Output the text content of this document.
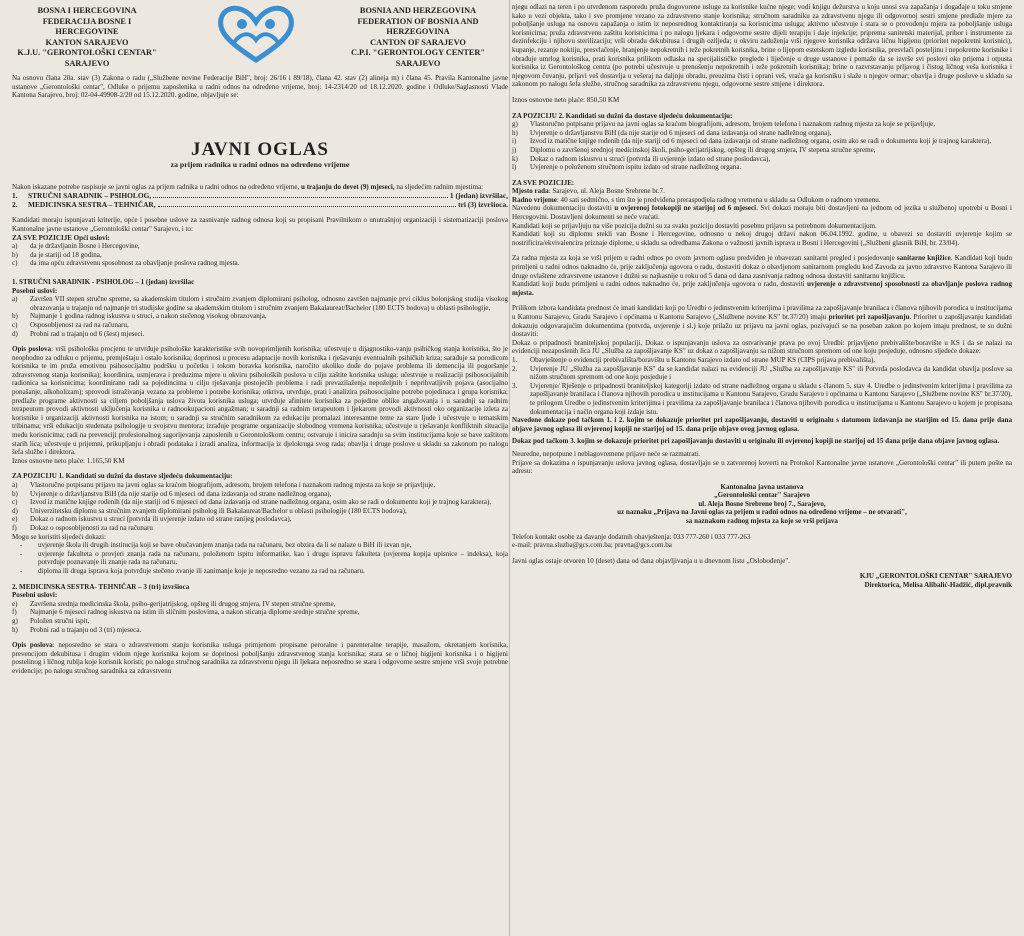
BOSNA I HERCEGOVINA
FEDERACIJA BOSNE I HERCEGOVINE
KANTON SARAJEVO
K.J.U. "GERONTOLOŠKI CENTAR"
SARAJEVO
BOSNIA AND HERZEGOVINA
FEDERATION OF BOSNIA AND HERZEGOVINA
CANTON OF SARAJEVO
C.P.I. "GERONTOLOGY CENTER"
SARAJEVO

Na osnovu člana 20a. stav (3) Zakona o radu („Službene novine Federacije BiH", broj: 26/16 i 89/18), člana 42. stav (2) alineja m) i člana 45. Pravila Kantonalne javne ustanove „Gerontološki centar", Odluke o prijemu zaposlenika u radni odnos na određeno vrijeme, broj: 14-2314/20 od 18.12.2020. godine i Odluke/Saglasnosti Vlade Kantona Sarajevo, broj: 02-04-49908-2/20 od 15.12.2020. godine, objavljuje se:

JAVNI OGLAS
za prijem radnika u radni odnos na određeno vrijeme

Nakon iskazane potrebe raspisuje se javni oglas za prijem radnika u radni odnos na određeno vrijeme, u trajanju do devet (9) mjeseci, na sljedećim radnim mjestima:

1.	STRUČNI SARADNIK – PSIHOLOG,	1 (jedan) izvršilac,
2.	MEDICINSKA SESTRA – TEHNIČAR,	tri (3) izvršioca.

Kandidati moraju ispunjavati kriterije, opće i posebne uslove za zasnivanje radnog odnosa koji su propisani Pravilnikom o unutrašnjoj organizaciji i sistematizaciji poslova Kantonalne javne ustanove „Gerontološki centar" Sarajevo, i to:

ZA SVE POZICIJE Opći uslovi:

a)	da je državljanin Bosne i Hercegovine,
b)	da je stariji od 18 godina,
c)	da ima opću zdravstvenu sposobnost za obavljanje poslova radnog mjesta.

1. STRUČNI SARADNIK - PSIHOLOG – 1 (jedan) izvršilac

Posebni uslovi:

a)	Završen VII stepen stručne spreme, sa akademskim titulom i stručnim zvanjem diplomirani psiholog, odnosno završen najmanje prvi ciklus bolonjskog studija visokog obrazovanja u trajanju od najmanje tri studijske godine sa akademskim titulom i stručnim zvanjem Bakalaureat/Bachelor (180 ECTS bodova) u oblasti psihologije,
b)	Najmanje 1 godina radnog iskustva u struci, a nakon stečenog visokog obrazovanja,
c)	Osposobljenost za rad na računaru,
d)	Probni rad u trajanju od 6 (šest) mjeseci.

Opis poslova: vrši psihološku procjenu te utvrđuje psihološke karakteristike svih novoprimljenih korisnika; učestvuje u dijagnostiko-vanju psihičkog stanja korisnika, što je neophodno za odluku o prijemu, premještaju i ostalo korisnika; doprinosi u procesu adaptacije novih korisnika i rješavanju eventualnih psihičkih kriza; sarađuje sa porodicom korisnika te im pruža emotivnu psihosocijalnu podršku u početku i tokom boravka korisnika, naročito ukoliko dođe do pojave problema ili demencija ili pogoršanje zdravstvenog stanja korisnika); koordinira, usmjerava i preduzima mjere u okviru psiholoških poslova u cilju zaštite korisnika usluga; učestvuje u realizaciji psihosocijalnih radionica sa korisnicima; koordinirano radi sa pojedincima u cilju rješavanja postojećih problema i radi prevazilaženja nepoželjnih i neprihvatljivih pojava (asocijalno ponašanje, alkoholizam); sprovodi istraživanja vezana za probleme i potrebe korisnika; otkriva, utvrđuje, prati i analizira psihosocijalne potrebe pojedinaca i grupa korisnika; predlaže programe aktivnosti sa ciljem poboljšanja uslova života korisnika usluga; utvrđuje afinitete korisnika za pojedine oblike angažovanja i u saradnji sa radnim terapeutom provodi aktivnosti uključenja korisnika u radnookupacioni angažman; u saradnji sa radnim terapeutom i ljekarom provodi aktivnosti oko organizacije izleta za korisnike i organizaciji aktivnosti korisnika na istom; u saradnji sa stručnim saradnikom za edukaciju promalazi interesantne teme za stare ljude i učestvuje u tematskim tribinama; vrši edukaciju studenata psihologije u svojstvu mentora; izrađuje programe organizacije slobodnog vremena korisnika; učestvuje u rješavanju konfliktnih situacija među korisnicima; radi na prevenciji profesionalnog sagorijevanja zaposlenih u Gerontološkom centru; ostvaruje i inicira saradnju sa svim institucijama koje se bave zaštitom starih lica; učestvuje u prijemni, prikupljanju i obradi podataka i izradi analiza, informacija iz djelokruga svog rada; obavlja i druge poslove u skladu sa zakonom po nalogu šefa službe i direktora.

Iznos osnovne neto plaće: 1.165,50 KM

ZA POZICIJU 1. Kandidati su dužni da dostave sljedeću dokumentaciju:

a)	Vlastoručno potpisanu prijavu na javni oglas sa kraćom biografijom, adresom, brojem telefona i naznakom radnog mjesta za koje se prijavljuje,
b)	Uvjerenje o državljanstvu BiH (da nije starije od 6 mjeseci od dana izdavanja od strane nadležnog organa),
c)	Izvod iz matične knjige rođenih (da nije stariji od 6 mjeseci od dana izdavanja od strane nadležnog organa, osim ako se radi o dokumentu koji je trajnog karaktera),
d)	Univerzitetsku diplomu sa stručnim zvanjem diplomirani psiholog ili Bakalaureat/Bachelor u oblasti psihologije (180 ECTS bodova),
e)	Dokaz o radnom iskustvu u struci (potvrda ili uvjerenje izdato od strane ranijeg poslodavca),
f)	Dokaz o osposobljenosti za rad na računaru

Mogu se koristiti sljedeći dokazi:

-	uvjerenje škola ili drugih institucija koji se bave obučavanjem znanja rada na računaru, bez obzira da li se nalaze u BiH ili izvan nje,
-	uvjerenje fakulteta o provjeri znanja rada na računaru, položenom ispitu informatike, kao i drugu ispravu fakulteta (ovjerena kopija upisnice – indeksa), koja potvrđuje poznavanje ili znanje rada na računaru,
-	diploma ili druga isprava koja potvrđuje stečeno zvanje ili zanimanje koje je neposredno vezano za rad na računaru.

2. MEDICINSKA SESTRA- TEHNIČAR – 3 (tri) izvršioca

Posebni uslovi:

e)	Završena srednja medicinska škola, psiho-gerijatrijskog, opšteg ili drugog smjera, IV stepen stručne spreme,
f)	Najmanje 6 mjeseci radnog iskustva na istim ili sličnim poslovima, a nakon sticanja diplome srednje stručne spreme,
g)	Položen stručni ispit,
h)	Probni rad u trajanju od 3 (tri) mjeseca.

Opis poslova: neposredno se stara o zdravstvenom stanju korisnika usluga primjenom propisane peroralne i parenteralne terapije, masažom, okretanjem korisnika, prevencijom dekubitusa i drugim vidom njege korisnika kojom se doprinosi poboljšanju zdravstvenog stanja korisnika; stara se o ličnoj higijeni korisnika i o higijeni postelinog i ličnog rublja koje korisnik koristi; po nalogu stručnog saradnika za zdravstvenu njegu ili ljekara neposredno se stara i odgovorne sestre smjene vrši svoje potrebne evidencije; po nalogu stručnog saradnika za zdravstvenu

njegu odlazi na teren i po utvrđenom rasporedu pruža dogovorene usluge za korisnike kućne njege; vodi knjigu dežurstva u koju unosi sva zapažanja i događaje u toku smjene kako u vezi objekta, tako i sve promjene vezano za zdravstveno stanje korisnika; stručnom saradniku za zdravstvenu njegu ili odgovornoj sestri smjene predlaže mjere za poboljšanje usluga na osnovu zapažanja o istim iz neposrednog kontaktiranja sa korisnicima usluga; aktivno učestvuje i stara se o provođenju mjera za poboljšanje usluga korisnicima; pruža zdravstvenu zaštitu korisnicima i po nalogu ljekara i odgovorne sestre dijeli terapiju i daje injekcije; priprema sanitetski materijal, pribor i instrumente za dezinfekciju i njihovu sterilizaciju; vrši obradu dekubitusa i drugih oziljeda; u okviru zaduženja vrši njegove korisnika održava ličnu higijenu (prioritet nepokretni korisnici), kupanje, rezanje noktiju, presvlačenje, hranjenje nepokretnih i teže pokretnih korisnika, brine o lijepom estetskom izgledu korisnika, presvlači posteljinu i nepokretne korisnike i obrađuje umrlog korisnika, prati korisnika prilikom odlaska na specijalističke preglede i liječenje u druge ustanove i pomaže da se izvrše svi poslovi oko prijema i otpusta korisnika iz Gerontološkog centra (po potrebi učestvuje u prenošenju nepokretnih i teže pokretnih korisnika); brine o razvrstavanju prljavog i čistog ličnog veša korisnika i njegovom čuvanju, prljavi veš dostavlja u vešeraj na daljnju obradu, preuzima čisti i oprani veš, vraća ga korisniku i slaže u njegov ormar; obavlja i druge poslove u skladu sa zakonom po nalogu šefa službe, stručnog saradnika za zdravstvenu njegu, odgovorne sestre smjene i direktora.

Iznos osnovne neto plaće: 850,50 KM

ZA POZICIJU 2. Kandidati su dužni da dostave sljedeću dokumentaciju:

g)	Vlastoručno potpisanu prijavu na javni oglas sa kraćom biografijom, adresom, brojem telefona i naznakom radnog mjesta za koje se prijavljuje,
h)	Uvjerenje o državljanstvu BiH (da nije starije od 6 mjeseci od dana izdavanja od strane nadležnog organa),
i)	Izvod iz matične knjige rođenih (da nije stariji od 6 mjeseci od dana izdavanja od strane nadležnog organa, osim ako se radi o dokumentu koji je trajnog karaktera),
j)	Diplomu o završenoj srednjoj medicinskoj školi, psiho-gerijatrijskog, opšteg ili drugog smjera, IV stepena stručne spreme,
k)	Dokaz o radnom iskustvu u struci (potvrda ili uvjerenje izdato od strane poslodavca),
l)	Uvjerenje o položenom stručnom ispitu izdato od strane nadležnog organa.

ZA SVE POZICIJE:

Mjesto rada: Sarajevo, ul. Aleja Bosne Srebrene br.7.

Radno vrijeme: 40 sati sedmično, s tim što je predviđena preraspodjela radnog vremena u skladu sa Odlukom o radnom vremenu.

Navedenu dokumentaciju dostaviti u ovjerenoj fotokopiji ne starijoj od 6 mjeseci. Svi dokazi moraju biti dostavljeni na jednom od jezika u službenoj upotrebi u Bosni i Hercegovini. Dostavljeni dokumenti se neće vraćati.

Kandidati koji se prijavljuju na više pozicija dužni su za svaku poziciju dostaviti posebnu prijavu sa potrebnom dokumentacijom.

Kandidati koji su diplomu stekli van Bosne i Hercegovine, odnosno u nekoj drugoj državi nakon 06.04.1992. godine, u obavezi su dostaviti uvjerenje kojim se nostrificira/ekvivalencira priznaje diplome, u skladu sa odredbama Zakona o važnosti javnih isprava u Bosni i Hercegovini („Službeni glasnik BiH, br. 23/04).

Za radna mjesta za koja se vrši prijem u radni odnos po ovom javnom oglasu predviđen je obavezan sanitarni pregled i posjedovanje sanitarne knjižice. Kandidati koji budu primljeni u radni odnos naknadno će, prije zaključenja ugovora o radu, dostaviti dokaz o obavljenom sanitarnom pregledu kod Zavoda za javno zdravstvo Kantona Sarajevo ili druge ovlaštene zdravstvene ustanove i dužni su najkasnije u roku od 5 dana od dana zasnivanja radnog odnosa dostaviti sanitarnu knjižicu.

Kandidati koji budu primljeni u radni odnos naknadno će, prije zaključenja ugovora o radu, dostaviti uvjerenje o zdravstvenoj sposobnosti za obavljanje poslova radnog mjesta.

Prilikom izbora kandidata prednost će imati kandidati koji po Uredbi o jedinstvenim kriterijima i pravilima za zapošljavanje branilaca i članova njihovih porodica u institucijama u Kantonu Sarajevo, Gradu Sarajevo i općinama u Kantonu Sarajevo („Službene novine KS" br.37/20) imaju prioritet pri zapošljavanju. Prioritet u zapošljavanju kandidati dokazuju odgovarajućim dokumentima (potvrda, uvjerenje i sl.) koje prilažu uz prijavu na javni oglas, pozivajući se na poseban zakon po kojem imaju prednost, te su dužni dostaviti:

Dokaz o pripadnosti braniteljskoj populaciji, Dokaz o ispunjavanju uslova za ostvarivanje prava po ovoj Uredbi: prijavljeno prebivalište/boravište u KS i da se nalazi na evidenciji nezaposlenih lica JU „Služba za zapošljavanje KS" uz dokaz o zapošljavanju sa nižom stručnom spremom od one koju posjeduje, odnosno sljedeće dokaze:

1.	Obavještenje o evidenciji prebivališta/boravištu u Kantonu Sarajevo izdato od strane MUP KS (CIPS prijava prebivališta),
2.	Uvjerenje JU „Služba za zapošljavanje KS" da se kandidat nalazi na evidenciji JU „Služba za zapošljavanje KS" ili Potvrda poslodavca da kandidat obavlja poslove sa nižom stručnom spremom od one koju posjeduje i
3.	Uvjerenje/ Rješenje o pripadnosti braniteljskoj kategoriji izdato od strane nadležnog organa u skladu s članom 5. stav 4. Uredbe o jedinstvenim kriterijima i pravilima za zapošljavanje branilaca i članova njihovih porodica u institucijama u Kantonu Sarajevo, Gradu Sarajevo i općinama u Kantonu Sarajevo („Službene novine KS" br.37/20), te prilogom Uredbe o jedinstvenim kriterijima i pravilima za zapošljavanje branilaca i članova njihovih porodica u institucijama u Kantonu Sarajevo u kojem je propisana dokumentacija i način organa koji izdaje istu.

Navedene dokaze pod tačkom 1. i 2. kojim se dokazuje prioritet pri zapošljavanju, dostaviti u originalu s datumom izdavanja ne starijim od 15. dana prije dana objave javnog oglasa ili ovjerenoj kopiji ne starijoj od 15. dana prije objave ovog javnog oglasa.

Dokaz pod tačkom 3. kojim se dokazuje prioritet pri zapošljavanju dostaviti u originalu ili ovjerenoj kopiji ne starijoj od 15 dana prije dana objave javnog oglasa.

Neuredne, nepotpune i neblagovremene prijave neće se razmatrati.

Prijave sa dokazima o ispunjavanju uslova javnog oglasa, dostavljaju se u zatvorenoj koverti na Protokol Kantonalne javne ustanove „Gerontološki centar" ili putem pošte na adresu:

Kantonalna javna ustanova

„Gerontološki centar" Sarajevo

ul. Aleja Bosne Srebrene broj 7., Sarajevo,

uz naznaku „Prijava na Javni oglas za prijem u radni odnos na određeno vrijeme – ne otvarati",

sa naznakom radnog mjesta za koje se vrši prijava

Telefon kontakt osobe za davanje dodatnih obavještenja: 033 777-260 i 033 777-263

e-mail: pravna.sluzba@gcs.com.ba; pravna@gcs.com.ba

Javni oglas ostaje otvoren 10 (deset) dana od dana objavljivanja u u dnevnom listu „Oslobođenje".

KJU „GERONTOLOŠKI CENTAR" SARAJEVO

Direktorica, Melisa Alibalić-Hadžić, dipl.pravnik
